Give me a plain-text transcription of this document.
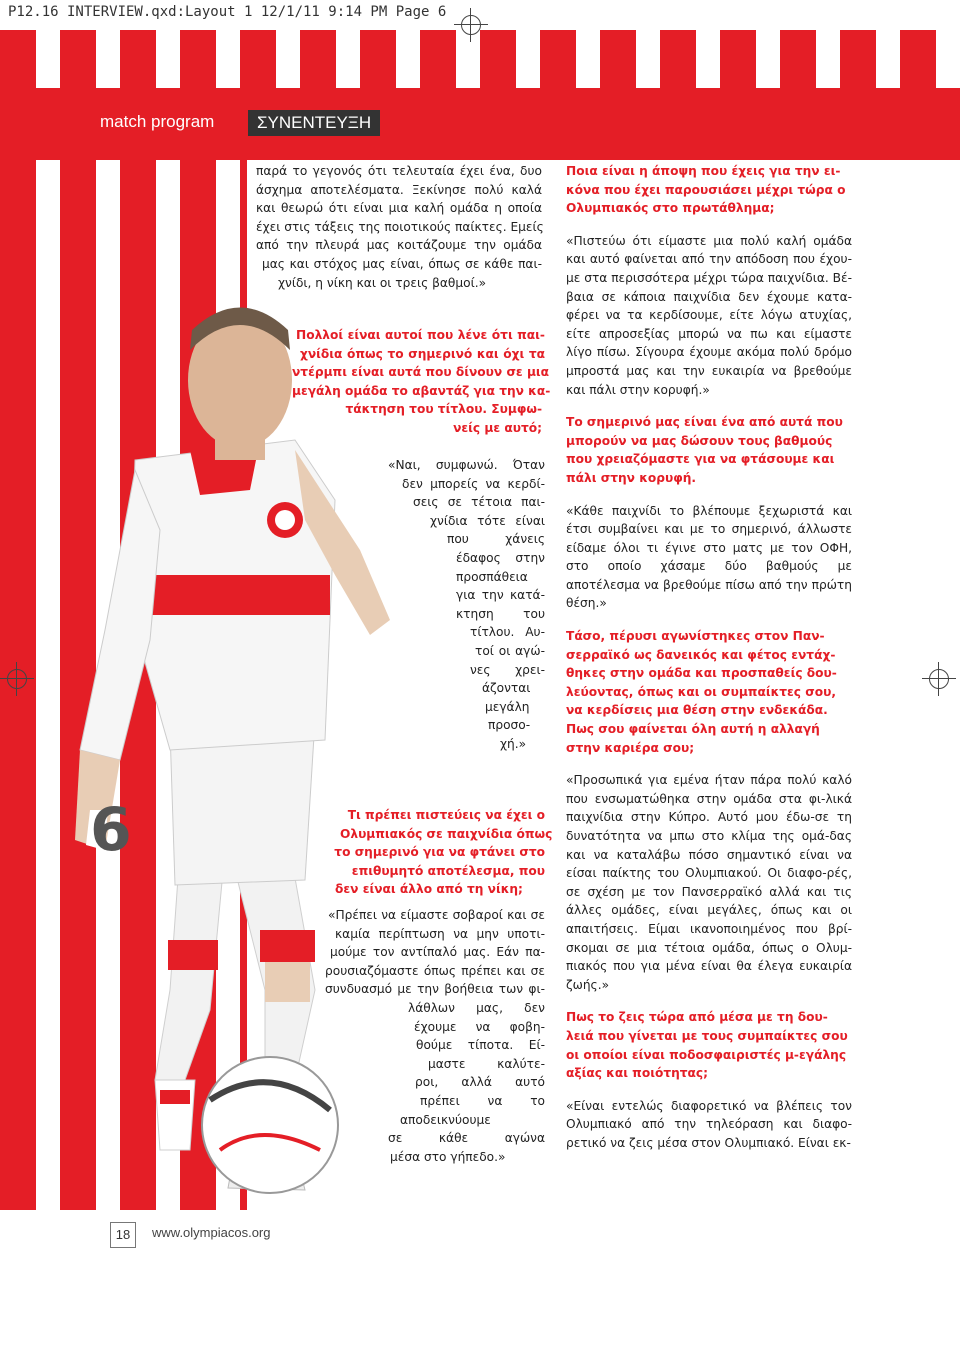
P12.16 INTERVIEW.qxd:Layout 1 12/1/11 9:14 PM Page 6
match program	ΣΥΝΕΝΤΕΥΞΗ
6
παρά το γεγονός ότι τελευταία έχει ένα, δυο
άσχημα αποτελέσματα. Ξεκίνησε πολύ καλά
και θεωρώ ότι είναι μια καλή ομάδα η οποία
έχει στις τάξεις της ποιοτικούς παίκτες. Εμείς
από την πλευρά μας κοιτάζουμε την ομάδα
μας και στόχος μας είναι, όπως σε κάθε παι-
χνίδι, η νίκη και οι τρεις βαθμοί.»
Πολλοί είναι αυτοί που λένε ότι παι-
χνίδια όπως το σημερινό και όχι τα
ντέρμπι είναι αυτά που δίνουν σε μια
μεγάλη ομάδα το αβαντάζ για την κα-
τάκτηση του τίτλου. Συμφω-
νείς με αυτό;
«Ναι, συμφωνώ. Όταν
δεν μπορείς να κερδί-
σεις σε τέτοια παι-
χνίδια τότε είναι
που χάνεις
έδαφος στην
προσπάθεια
για την κατά-
κτηση του
τίτλου. Αυ-
τοί οι αγώ-
νες χρει-
άζονται
μεγάλη
προσο-
χή.»
Τι πρέπει πιστεύεις να έχει ο
Ολυμπιακός σε παιχνίδια όπως
το σημερινό για να φτάνει στο
επιθυμητό αποτέλεσμα, που
δεν είναι άλλο από τη νίκη;
«Πρέπει να είμαστε σοβαροί και σε
καμία περίπτωση να μην υποτι-
μούμε τον αντίπαλό μας. Εάν πα-
ρουσιαζόμαστε όπως πρέπει και σε
συνδυασμό με την βοήθεια των φι-
λάθλων μας, δεν
έχουμε να φοβη-
θούμε τίποτα. Εί-
μαστε καλύτε-
ροι, αλλά αυτό
πρέπει να το
αποδεικνύουμε
σε κάθε αγώνα
μέσα στο γήπεδο.»

Ποια είναι η άποψη που έχεις για την ει-κόνα που έχει παρουσιάσει μέχρι τώρα ο Ολυμπιακός στο πρωτάθλημα;

«Πιστεύω ότι είμαστε μια πολύ καλή ομάδα και αυτό φαίνεται από την απόδοση που έχου-με στα περισσότερα μέχρι τώρα παιχνίδια. Βέ-βαια σε κάποια παιχνίδια δεν έχουμε κατα-φέρει να τα κερδίσουμε, είτε λόγω ατυχίας, είτε απροσεξίας μπορώ να πω και είμαστε λίγο πίσω. Σίγουρα έχουμε ακόμα πολύ δρόμο μπροστά μας και την ευκαιρία να βρεθούμε και πάλι στην κορυφή.»

Το σημερινό μας είναι ένα από αυτά που μπορούν να μας δώσουν τους βαθμούς που χρειαζόμαστε για να φτάσουμε και πάλι στην κορυφή.

«Κάθε παιχνίδι το βλέπουμε ξεχωριστά και έτσι συμβαίνει και με το σημερινό, άλλωστε είδαμε όλοι τι έγινε στο ματς με τον ΟΦΗ, στο οποίο χάσαμε δύο βαθμούς με αποτέλεσμα να βρεθούμε πίσω από την πρώτη θέση.»

Τάσο, πέρυσι αγωνίστηκες στον Παν-σερραϊκό ως δανεικός και φέτος εντάχ-θηκες στην ομάδα και προσπαθείς δου-λεύοντας, όπως και οι συμπαίκτες σου, να κερδίσεις μια θέση στην ενδεκάδα. Πως σου φαίνεται όλη αυτή η αλλαγή στην καριέρα σου;

«Προσωπικά για εμένα ήταν πάρα πολύ καλό που ενσωματώθηκα στην ομάδα στα φι-λικά παιχνίδια στην Κύπρο. Αυτό μου έδω-σε τη δυνατότητα να μπω στο κλίμα της ομά-δας και να καταλάβω πόσο σημαντικό είναι να είσαι παίκτης του Ολυμπιακού. Οι διαφο-ρές, σε σχέση με τον Πανσερραϊκό αλλά και τις άλλες ομάδες, είναι μεγάλες, όπως και οι απαιτήσεις. Είμαι ικανοποιημένος που βρί-σκομαι σε μια τέτοια ομάδα, όπως ο Ολυμ-πιακός που για μένα είναι θα έλεγα ευκαιρία ζωής.»

Πως το ζεις τώρα από μέσα με τη δου-λειά που γίνεται με τους συμπαίκτες σου οι οποίοι είναι ποδοσφαιριστές μ-εγάλης αξίας και ποιότητας;

«Είναι εντελώς διαφορετικό να βλέπεις τον Ολυμπιακό από την τηλεόραση και διαφο-ρετικό να ζεις μέσα στον Ολυμπιακό. Είναι εκ-

18	www.olympiacos.org
